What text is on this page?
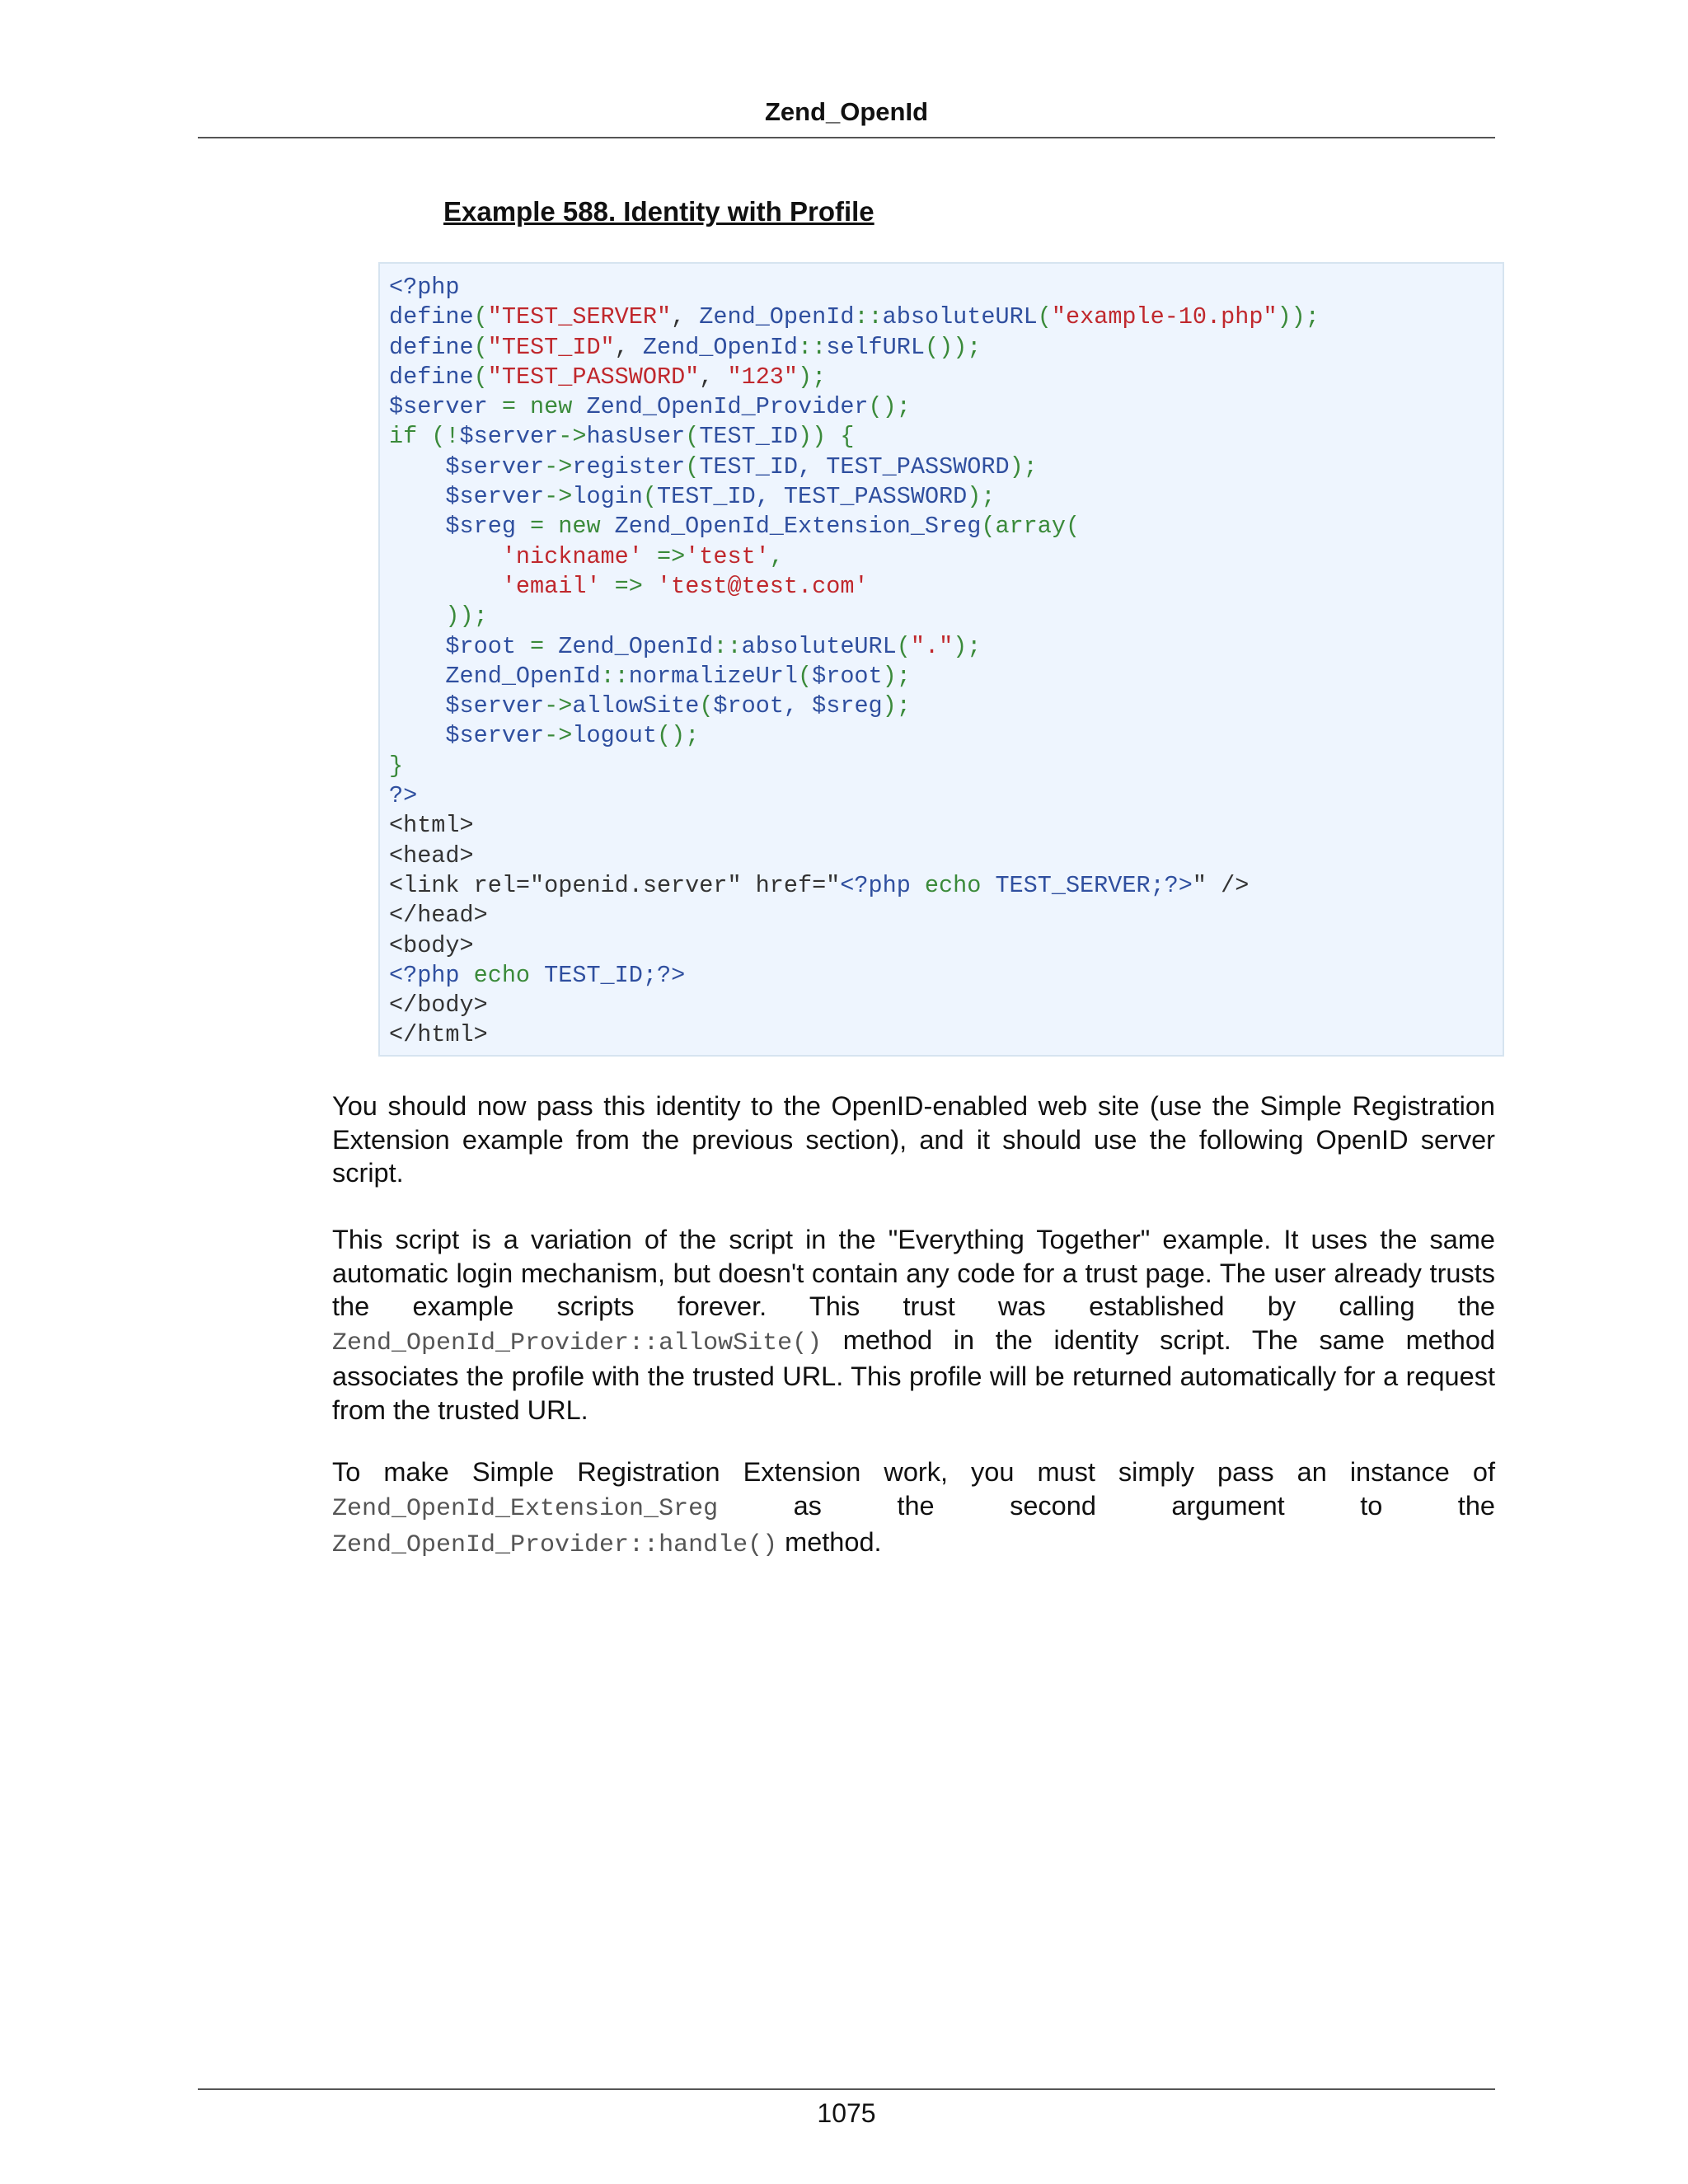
Zend_OpenId
Example 588. Identity with Profile
<?php
define("TEST_SERVER", Zend_OpenId::absoluteURL("example-10.php"));
define("TEST_ID", Zend_OpenId::selfURL());
define("TEST_PASSWORD", "123");
$server = new Zend_OpenId_Provider();
if (!$server->hasUser(TEST_ID)) {
$server->register(TEST_ID, TEST_PASSWORD);
$server->login(TEST_ID, TEST_PASSWORD);
$sreg = new Zend_OpenId_Extension_Sreg(array(
'nickname' =>'test',
'email' => 'test@test.com'
));
$root = Zend_OpenId::absoluteURL(".");
Zend_OpenId::normalizeUrl($root);
$server->allowSite($root, $sreg);
$server->logout();
}
?>
<html>
<head>
<link rel="openid.server" href="<?php echo TEST_SERVER;?>" />
</head>
<body>
<?php echo TEST_ID;?>
</body>
</html>
You should now pass this identity to the OpenID-enabled web site (use the Simple Registration Extension example from the previous section), and it should use the following OpenID server script.
This script is a variation of the script in the "Everything Together" example. It uses the same automatic login mechanism, but doesn't contain any code for a trust page. The user already trusts the example scripts forever. This trust was established by calling the Zend_OpenId_Provider::allowSite() method in the identity script. The same method associates the profile with the trusted URL. This profile will be returned automatically for a request from the trusted URL.
To make Simple Registration Extension work, you must simply pass an instance of Zend_OpenId_Extension_Sreg as the second argument to the Zend_OpenId_Provider::handle() method.
1075
